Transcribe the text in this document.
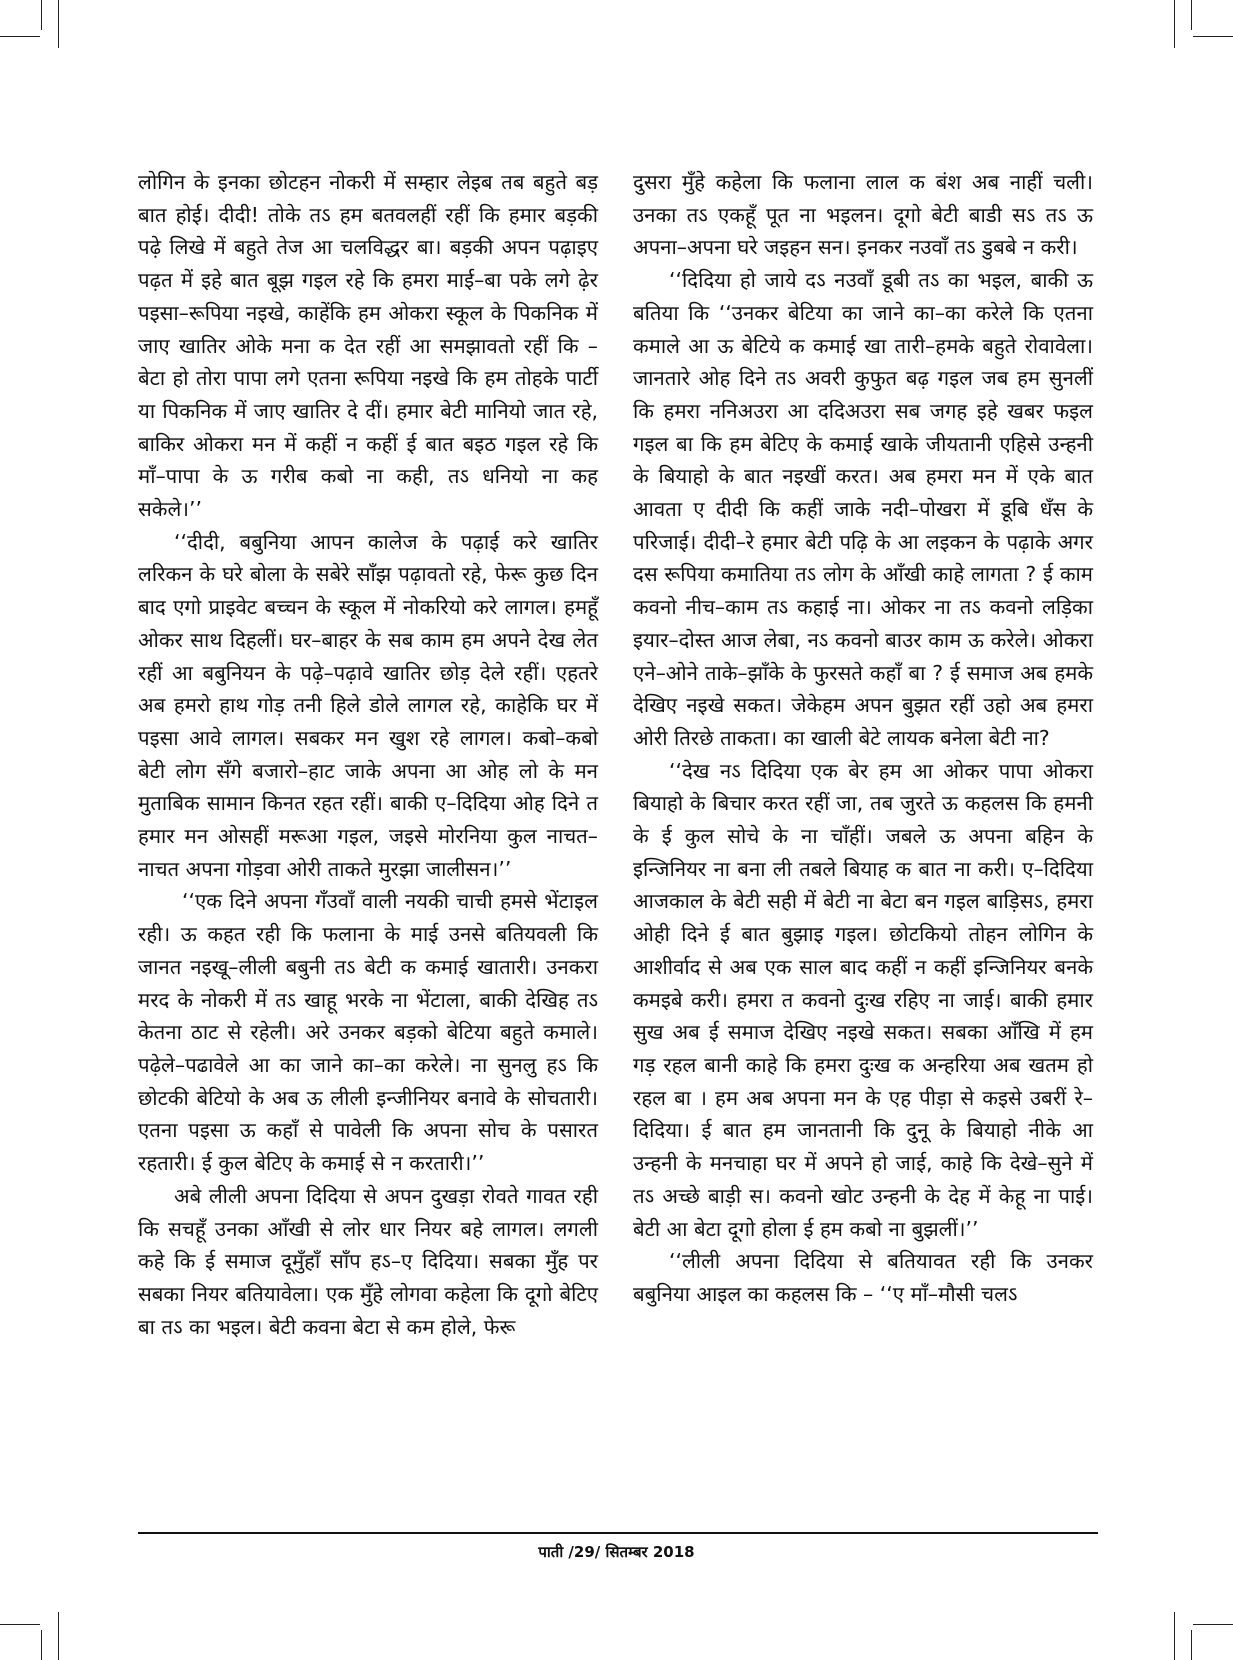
लोगिन के इनका छोटहन नोकरी में सम्हार लेइब तब बहुते बड़ बात होई। दीदी! तोके तऽ हम बतवलहीं रहीं कि हमार बड़की पढ़े लिखे में बहुते तेज आ चलविद्धर बा। बड़की अपन पढ़ाइए पढ़त में इहे बात बूझ गइल रहे कि हमरा माई–बा पके लगे ढ़ेर पइसा–रूपिया नइखे, काहेंकि हम ओकरा स्कूल के पिकनिक में जाए खातिर ओके मना क देत रहीं आ समझावतो रहीं कि – बेटा हो तोरा पापा लगे एतना रूपिया नइखे कि हम तोहके पार्टी या पिकनिक में जाए खातिर दे दीं। हमार बेटी मानियो जात रहे, बाकिर ओकरा मन में कहीं न कहीं ई बात बइठ गइल रहे कि माँ–पापा के ऊ गरीब कबो ना कही, तऽ धनियो ना कह सकेले।’’

‘‘दीदी, बबुनिया आपन कालेज के पढ़ाई करे खातिर लरिकन के घरे बोला के सबेरे साँझ पढ़ावतो रहे, फेरू कुछ दिन बाद एगो प्राइवेट बच्चन के स्कूल में नोकरियो करे लागल। हमहूँ ओकर साथ दिहलीं। घर–बाहर के सब काम हम अपने देख लेत रहीं आ बबुनियन के पढ़े–पढ़ावे खातिर छोड़ देले रहीं। एहतरे अब हमरो हाथ गोड़ तनी हिले डोले लागल रहे, काहेकि घर में पइसा आवे लागल। सबकर मन खुश रहे लागल। कबो–कबो बेटी लोग सँगे बजारो–हाट जाके अपना आ ओह लो के मन मुताबिक सामान किनत रहत रहीं। बाकी ए–दिदिया ओह दिने त हमार मन ओसहीं मरूआ गइल, जइसे मोरनिया कुल नाचत–नाचत अपना गोड़वा ओरी ताकते मुरझा जालीसन।’’

‘‘एक दिने अपना गँउवाँ वाली नयकी चाची हमसे भेंटाइल रही। ऊ कहत रही कि फलाना के माई उनसे बतियवली कि जानत नइखू–लीली बबुनी तऽ बेटी क कमाई खातारी। उनकरा मरद के नोकरी में तऽ खाहू भरके ना भेंटाला, बाकी देखिह तऽ केतना ठाट से रहेली। अरे उनकर बड़को बेटिया बहुते कमाले। पढ़ेले–पढावेले आ का जाने का–का करेले। ना सुनलु हऽ कि छोटकी बेटियो के अब ऊ लीली इन्जीनियर बनावे के सोचतारी। एतना पइसा ऊ कहाँ से पावेली कि अपना सोच के पसारत रहतारी। ई कुल बेटिए के कमाई से न करतारी।’’

अबे लीली अपना दिदिया से अपन दुखड़ा रोवते गावत रही कि सचहूँ उनका आँखी से लोर धार नियर बहे लागल। लगली कहे कि ई समाज दूमुँहाँ साँप हऽ–ए दिदिया। सबका मुँह पर सबका नियर बतियावेला। एक मुँहे लोगवा कहेला कि दूगो बेटिए बा तऽ का भइल। बेटी कवना बेटा से कम होले, फेरू

दुसरा मुँहे कहेला कि फलाना लाल क बंश अब नाहीं चली। उनका तऽ एकहूँ पूत ना भइलन। दूगो बेटी बाडी सऽ तऽ ऊ अपना–अपना घरे जइहन सन। इनकर नउवाँ तऽ डुबबे न करी।

‘‘दिदिया हो जाये दऽ नउवाँ डूबी तऽ का भइल, बाकी ऊ बतिया कि ‘‘उनकर बेटिया का जाने का–का करेले कि एतना कमाले आ ऊ बेटिये क कमाई खा तारी–हमके बहुते रोवावेला। जानतारे ओह दिने तऽ अवरी कुफुत बढ़ गइल जब हम सुनलीं कि हमरा ननिअउरा आ ददिअउरा सब जगह इहे खबर फइल गइल बा कि हम बेटिए के कमाई खाके जीयतानी एहिसे उन्हनी के बियाहो के बात नइखीं करत। अब हमरा मन में एके बात आवता ए दीदी कि कहीं जाके नदी–पोखरा में डूबि धँस के परिजाई। दीदी–रे हमार बेटी पढ़ि के आ लइकन के पढ़ाके अगर दस रूपिया कमातिया तऽ लोग के आँखी काहे लागता ? ई काम कवनो नीच–काम तऽ कहाई ना। ओकर ना तऽ कवनो लड़िका इयार–दोस्त आज लेबा, नऽ कवनो बाउर काम ऊ करेले। ओकरा एने–ओने ताके–झाँके के फुरसते कहाँ बा ? ई समाज अब हमके देखिए नइखे सकत। जेकेहम अपन बुझत रहीं उहो अब हमरा ओरी तिरछे ताकता। का खाली बेटे लायक बनेला बेटी ना?

‘‘देख नऽ दिदिया एक बेर हम आ ओकर पापा ओकरा बियाहो के बिचार करत रहीं जा, तब जुरते ऊ कहलस कि हमनी के ई कुल सोचे के ना चाँहीं। जबले ऊ अपना बहिन के इन्जिनियर ना बना ली तबले बियाह क बात ना करी। ए–दिदिया आजकाल के बेटी सही में बेटी ना बेटा बन गइल बाड़िसऽ, हमरा ओही दिने ई बात बुझाइ गइल। छोटकियो तोहन लोगिन के आशीर्वाद से अब एक साल बाद कहीं न कहीं इन्जिनियर बनके कमइबे करी। हमरा त कवनो दुःख रहिए ना जाई। बाकी हमार सुख अब ई समाज देखिए नइखे सकत। सबका आँखि में हम गड़ रहल बानी काहे कि हमरा दुःख क अन्हरिया अब खतम हो रहल बा । हम अब अपना मन के एह पीड़ा से कइसे उबरीं रे–दिदिया। ई बात हम जानतानी कि दुनू के बियाहो नीके आ उन्हनी के मनचाहा घर में अपने हो जाई, काहे कि देखे–सुने में तऽ अच्छे बाड़ी स। कवनो खोट उन्हनी के देह में केहू ना पाई। बेटी आ बेटा दूगो होला ई हम कबो ना बुझलीं।’’

‘‘लीली अपना दिदिया से बतियावत रही कि उनकर बबुनिया आइल का कहलस कि – ‘‘ए माँ–मौसी चलऽ

पाती /29/ सितम्बर 2018
